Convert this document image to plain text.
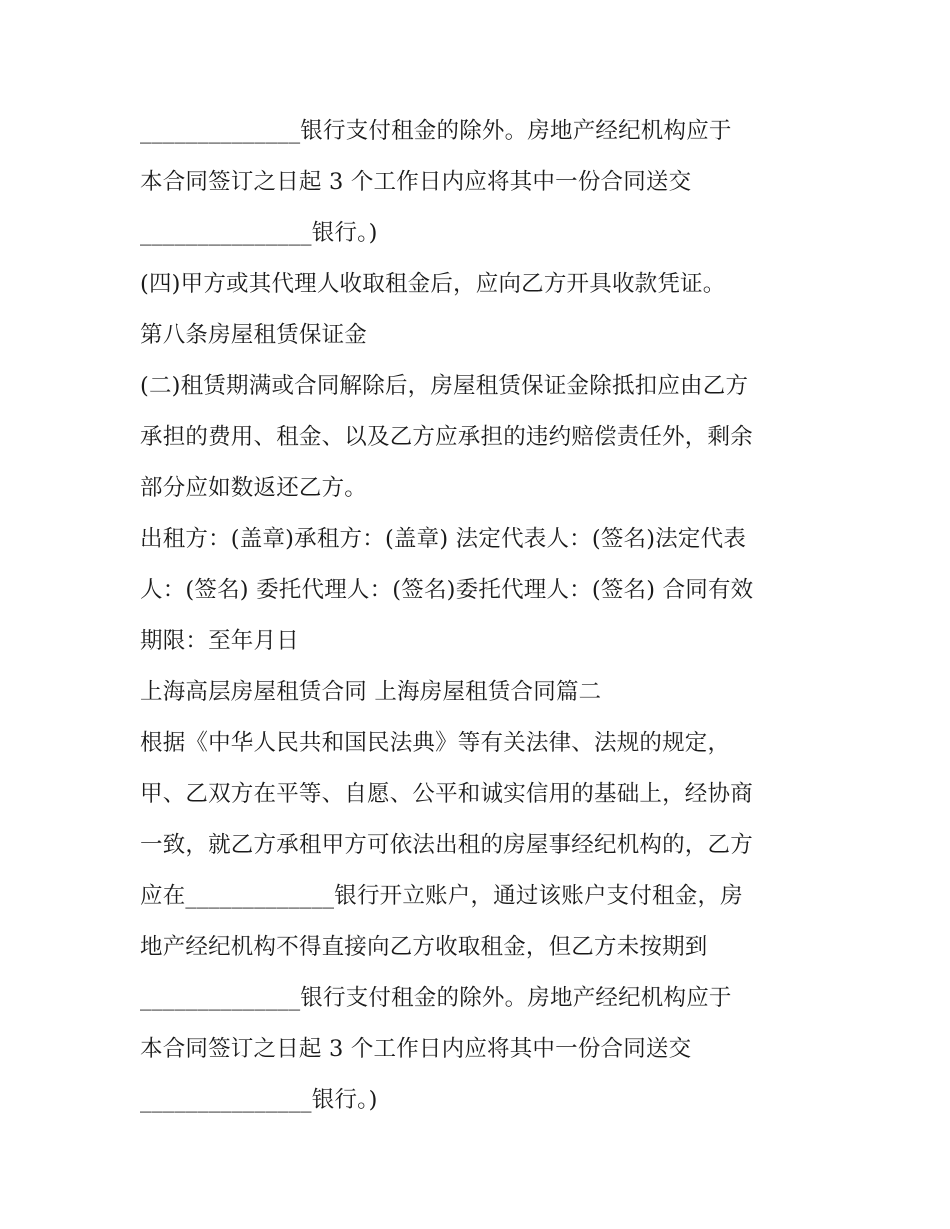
______________银行支付租金的除外。房地产经纪机构应于
本合同签订之日起 3 个工作日内应将其中一份合同送交
_______________银行。)
(四)甲方或其代理人收取租金后，应向乙方开具收款凭证。
第八条房屋租赁保证金
(二)租赁期满或合同解除后，房屋租赁保证金除抵扣应由乙方
承担的费用、租金、以及乙方应承担的违约赔偿责任外，剩余
部分应如数返还乙方。
出租方：(盖章)承租方：(盖章) 法定代表人：(签名)法定代表
人：(签名) 委托代理人：(签名)委托代理人：(签名) 合同有效
期限：至年月日
上海高层房屋租赁合同 上海房屋租赁合同篇二
根据《中华人民共和国民法典》等有关法律、法规的规定，
甲、乙双方在平等、自愿、公平和诚实信用的基础上，经协商
一致，就乙方承租甲方可依法出租的房屋事经纪机构的，乙方
应在_____________银行开立账户，通过该账户支付租金，房
地产经纪机构不得直接向乙方收取租金，但乙方未按期到
______________银行支付租金的除外。房地产经纪机构应于
本合同签订之日起 3 个工作日内应将其中一份合同送交
_______________银行。)
